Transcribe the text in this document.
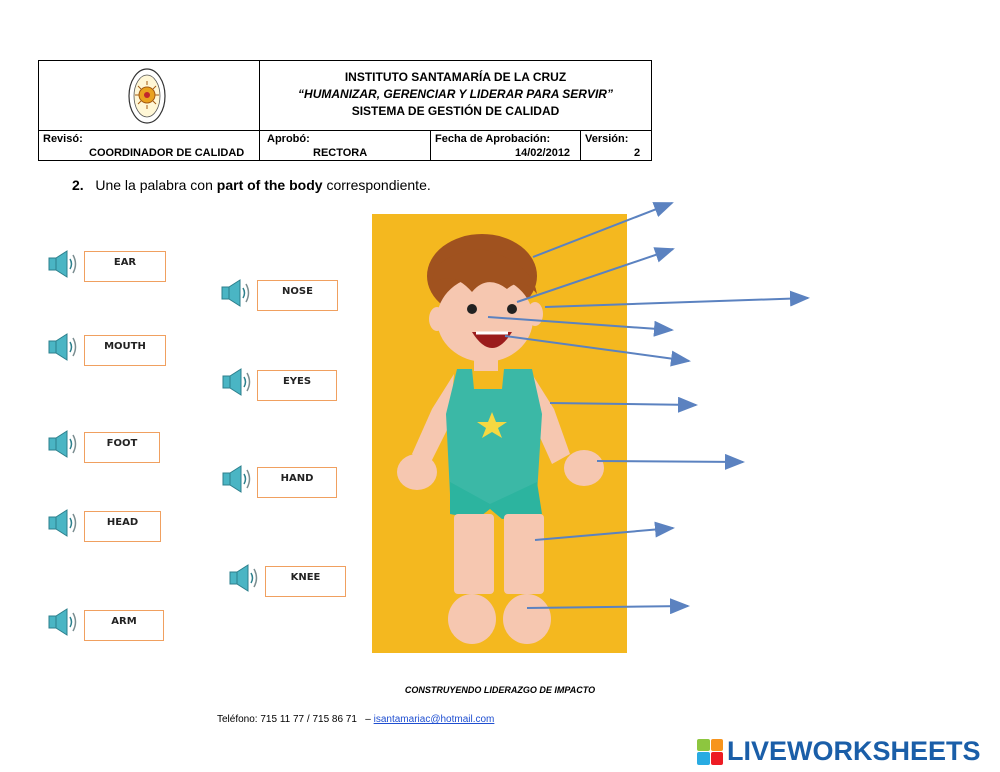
INSTITUTO SANTAMARÍA DE LA CRUZ
“HUMANIZAR, GERENCIAR Y LIDERAR PARA SERVIR”
SISTEMA DE GESTIÓN DE CALIDAD
Revisó:
COORDINADOR DE CALIDAD
Aprobó:
RECTORA
Fecha de Aprobación:
14/02/2012
Versión:
2
2. Une la palabra con part of the body correspondiente.
EAR
MOUTH
FOOT
HEAD
ARM
NOSE
EYES
HAND
KNEE
CONSTRUYENDO LIDERAZGO DE IMPACTO
Teléfono: 715 11 77 / 715 86 71 – isantamariac@hotmail.com
LIVEWORKSHEETS
